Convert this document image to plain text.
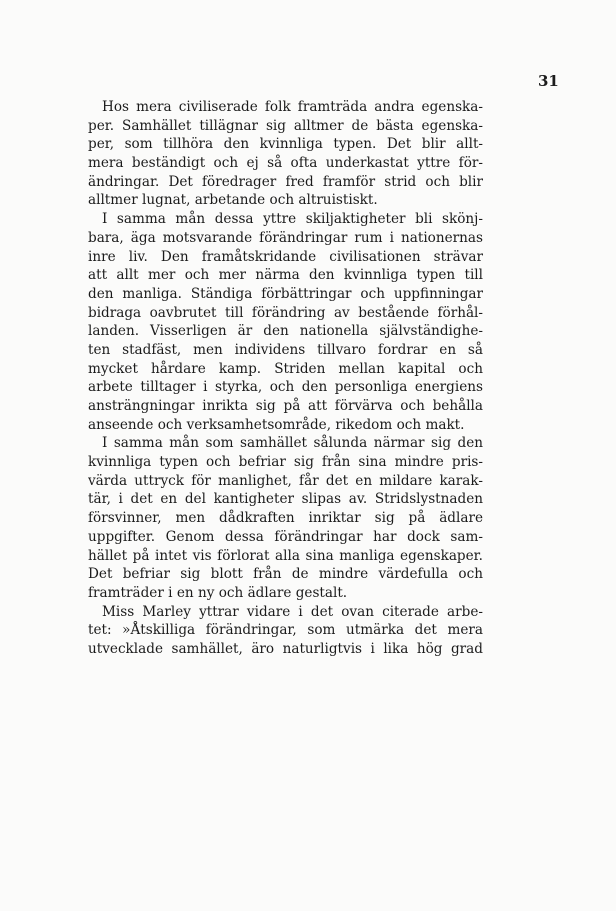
31
Hos mera civiliserade folk framträda andra egenska-
per. Samhället tillägnar sig alltmer de bästa egenska-
per, som tillhöra den kvinnliga typen. Det blir allt-
mera beständigt och ej så ofta underkastat yttre för-
ändringar. Det föredrager fred framför strid och blir
alltmer lugnat, arbetande och altruistiskt.
I samma mån dessa yttre skiljaktigheter bli skönj-
bara, äga motsvarande förändringar rum i nationernas
inre liv. Den framåtskridande civilisationen strävar
att allt mer och mer närma den kvinnliga typen till
den manliga. Ständiga förbättringar och uppfinningar
bidraga oavbrutet till förändring av bestående förhål-
landen. Visserligen är den nationella självständighe-
ten stadfäst, men individens tillvaro fordrar en så
mycket hårdare kamp. Striden mellan kapital och
arbete tilltager i styrka, och den personliga energiens
ansträngningar inrikta sig på att förvärva och behålla
anseende och verksamhetsområde, rikedom och makt.
I samma mån som samhället sålunda närmar sig den
kvinnliga typen och befriar sig från sina mindre pris-
värda uttryck för manlighet, får det en mildare karak-
tär, i det en del kantigheter slipas av. Stridslystnaden
försvinner, men dådkraften inriktar sig på ädlare
uppgifter. Genom dessa förändringar har dock sam-
hället på intet vis förlorat alla sina manliga egenskaper.
Det befriar sig blott från de mindre värdefulla och
framträder i en ny och ädlare gestalt.
Miss Marley yttrar vidare i det ovan citerade arbe-
tet: »Åtskilliga förändringar, som utmärka det mera
utvecklade samhället, äro naturligtvis i lika hög grad
